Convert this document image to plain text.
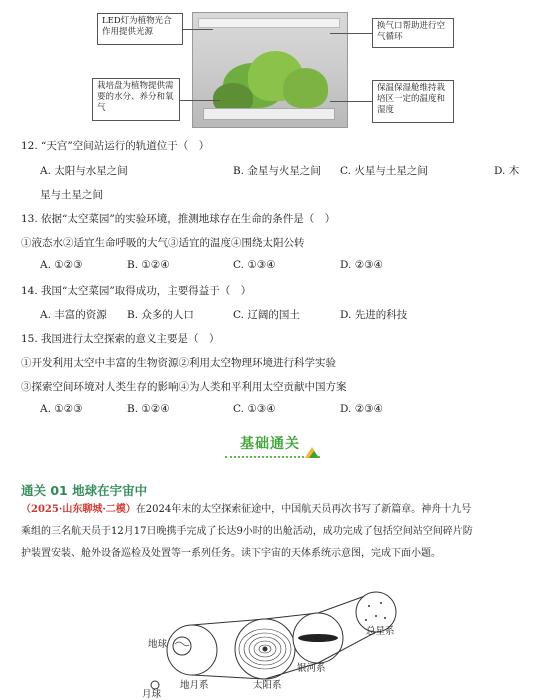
LED灯为植物光合作用提供光源
换气口帮助进行空气循环
栽培盘为植物提供需要的水分、养分和氧气
保温保湿舱维持栽培区一定的温度和湿度
12. “天宫”空间站运行的轨道位于（　）
A. 太阳与水星之间	B. 金星与火星之间 C. 火星与土星之间	D. 木
星与土星之间
13. 依据“太空菜园”的实验环境，推测地球存在生命的条件是（　）
①液态水②适宜生命呼吸的大气③适宜的温度④围绕太阳公转
A. ①②③	B. ①②④	C. ①③④	D. ②③④
14. 我国“太空菜园”取得成功，主要得益于（　）
A. 丰富的资源 B. 众多的人口	C. 辽阔的国土	D. 先进的科技
15. 我国进行太空探索的意义主要是（　）
①开发利用太空中丰富的生物资源②利用太空物理环境进行科学实验
③探索空间环境对人类生存的影响④为人类和平利用太空贡献中国方案
A. ①②③	B. ①②④	C. ①③④	D. ②③④
基础通关
通关 01 地球在宇宙中
（2025·山东聊城·二模）在2024年末的太空探索征途中，中国航天员再次书写了新篇章。神舟十九号
乘组的三名航天员于12月17日晚携手完成了长达9小时的出舱活动，成功完成了包括空间站空间碎片防
护装置安装、舱外设备巡检及处置等一系列任务。读下宇宙的天体系统示意图，完成下面小题。
地球
月球
地月系	太阳系
银河系
总星系
